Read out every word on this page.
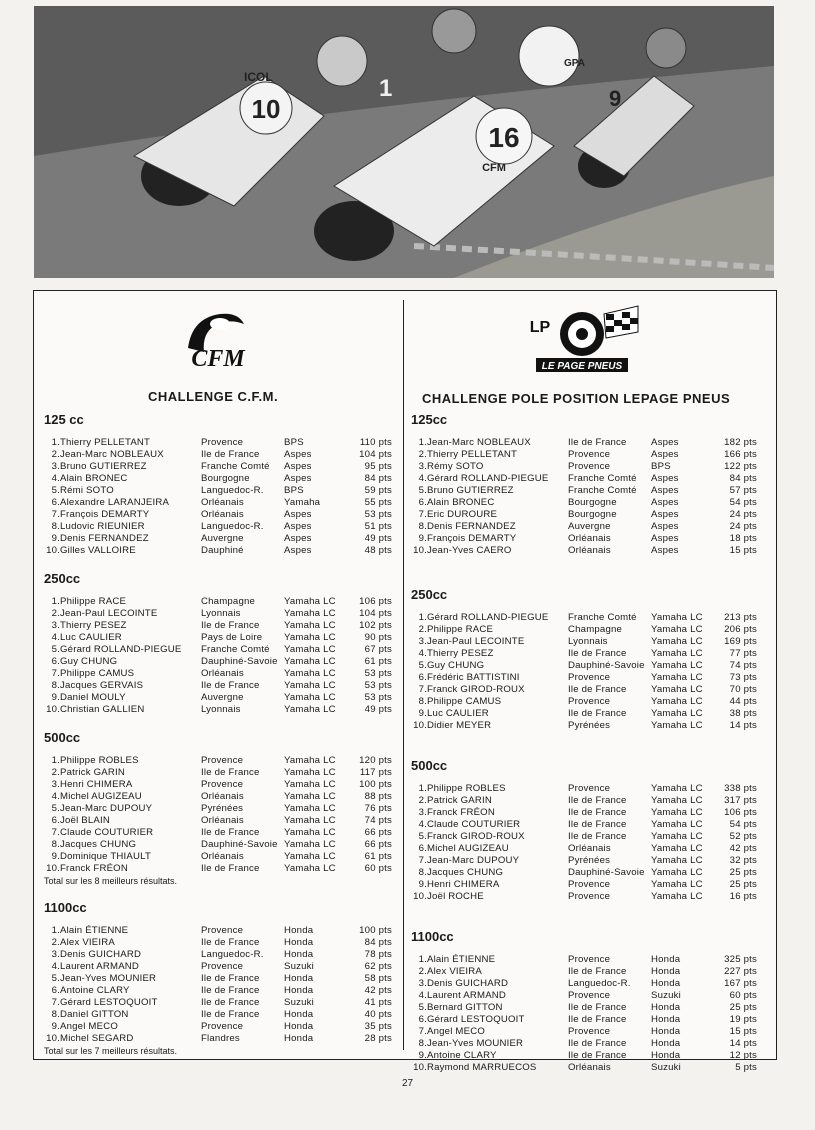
10
ICOL	1
16
CFM
GPA
9
CFM
LP
LE PAGE PNEUS
CHALLENGE C.F.M.	CHALLENGE POLE POSITION LEPAGE PNEUS
125 cc
1.	Thierry PELLETANT	Provence	BPS	110 pts
2.	Jean-Marc NOBLEAUX	Ile de France	Aspes	104 pts
3.	Bruno GUTIERREZ	Franche Comté	Aspes	95 pts
4.	Alain BRONEC	Bourgogne	Aspes	84 pts
5.	Rémi SOTO	Languedoc-R.	BPS	59 pts
6.	Alexandre LARANJEIRA	Orléanais	Yamaha	55 pts
7.	François DEMARTY	Orléanais	Aspes	53 pts
8.	Ludovic RIEUNIER	Languedoc-R.	Aspes	51 pts
9.	Denis FERNANDEZ	Auvergne	Aspes	49 pts
10.	Gilles VALLOIRE	Dauphiné	Aspes	48 pts
250cc
1.	Philippe RACE	Champagne	Yamaha LC	106 pts
2.	Jean-Paul LECOINTE	Lyonnais	Yamaha LC	104 pts
3.	Thierry PESEZ	Ile de France	Yamaha LC	102 pts
4.	Luc CAULIER	Pays de Loire	Yamaha LC	90 pts
5.	Gérard ROLLAND-PIEGUE	Franche Comté	Yamaha LC	67 pts
6.	Guy CHUNG	Dauphiné-Savoie	Yamaha LC	61 pts
7.	Philippe CAMUS	Orléanais	Yamaha LC	53 pts
8.	Jacques GERVAIS	Ile de France	Yamaha LC	53 pts
9.	Daniel MOULY	Auvergne	Yamaha LC	53 pts
10.	Christian GALLIEN	Lyonnais	Yamaha LC	49 pts
500cc
1.	Philippe ROBLES	Provence	Yamaha LC	120 pts
2.	Patrick GARIN	Ile de France	Yamaha LC	117 pts
3.	Henri CHIMERA	Provence	Yamaha LC	100 pts
4.	Michel AUGIZEAU	Orléanais	Yamaha LC	88 pts
5.	Jean-Marc DUPOUY	Pyrénées	Yamaha LC	76 pts
6.	Joël BLAIN	Orléanais	Yamaha LC	74 pts
7.	Claude COUTURIER	Ile de France	Yamaha LC	66 pts
8.	Jacques CHUNG	Dauphiné-Savoie	Yamaha LC	66 pts
9.	Dominique THIAULT	Orléanais	Yamaha LC	61 pts
10.	Franck FRÉON	Ile de France	Yamaha LC	60 pts
Total sur les 8 meilleurs résultats.
1100cc
1.	Alain ÉTIENNE	Provence	Honda	100 pts
2.	Alex VIEIRA	Ile de France	Honda	84 pts
3.	Denis GUICHARD	Languedoc-R.	Honda	78 pts
4.	Laurent ARMAND	Provence	Suzuki	62 pts
5.	Jean-Yves MOUNIER	Ile de France	Honda	58 pts
6.	Antoine CLARY	Ile de France	Honda	42 pts
7.	Gérard LESTOQUOIT	Ile de France	Suzuki	41 pts
8.	Daniel GITTON	Ile de France	Honda	40 pts
9.	Angel MECO	Provence	Honda	35 pts
10.	Michel SEGARD	Flandres	Honda	28 pts
Total sur les 7 meilleurs résultats.
125cc
1.	Jean-Marc NOBLEAUX	Ile de France	Aspes	182 pts
2.	Thierry PELLETANT	Provence	Aspes	166 pts
3.	Rémy SOTO	Provence	BPS	122 pts
4.	Gérard ROLLAND-PIEGUE	Franche Comté	Aspes	84 pts
5.	Bruno GUTIERREZ	Franche Comté	Aspes	57 pts
6.	Alain BRONEC	Bourgogne	Aspes	54 pts
7.	Eric DUROURE	Bourgogne	Aspes	24 pts
8.	Denis FERNANDEZ	Auvergne	Aspes	24 pts
9.	François DEMARTY	Orléanais	Aspes	18 pts
10.	Jean-Yves CAERO	Orléanais	Aspes	15 pts
250cc
1.	Gérard ROLLAND-PIEGUE	Franche Comté	Yamaha LC	213 pts
2.	Philippe RACE	Champagne	Yamaha LC	206 pts
3.	Jean-Paul LECOINTE	Lyonnais	Yamaha LC	169 pts
4.	Thierry PESEZ	Ile de France	Yamaha LC	77 pts
5.	Guy CHUNG	Dauphiné-Savoie	Yamaha LC	74 pts
6.	Frédéric BATTISTINI	Provence	Yamaha LC	73 pts
7.	Franck GIROD-ROUX	Ile de France	Yamaha LC	70 pts
8.	Philippe CAMUS	Provence	Yamaha LC	44 pts
9.	Luc CAULIER	Ile de France	Yamaha LC	38 pts
10.	Didier MEYER	Pyrénées	Yamaha LC	14 pts
500cc
1.	Philippe ROBLES	Provence	Yamaha LC	338 pts
2.	Patrick GARIN	Ile de France	Yamaha LC	317 pts
3.	Franck FRÉON	Ile de France	Yamaha LC	106 pts
4.	Claude COUTURIER	Ile de France	Yamaha LC	54 pts
5.	Franck GIROD-ROUX	Ile de France	Yamaha LC	52 pts
6.	Michel AUGIZEAU	Orléanais	Yamaha LC	42 pts
7.	Jean-Marc DUPOUY	Pyrénées	Yamaha LC	32 pts
8.	Jacques CHUNG	Dauphiné-Savoie	Yamaha LC	25 pts
9.	Henri CHIMERA	Provence	Yamaha LC	25 pts
10.	Joël ROCHE	Provence	Yamaha LC	16 pts
1100cc
1.	Alain ÉTIENNE	Provence	Honda	325 pts
2.	Alex VIEIRA	Ile de France	Honda	227 pts
3.	Denis GUICHARD	Languedoc-R.	Honda	167 pts
4.	Laurent ARMAND	Provence	Suzuki	60 pts
5.	Bernard GITTON	Ile de France	Honda	25 pts
6.	Gérard LESTOQUOIT	Ile de France	Honda	19 pts
7.	Angel MECO	Provence	Honda	15 pts
8.	Jean-Yves MOUNIER	Ile de France	Honda	14 pts
9.	Antoine CLARY	Ile de France	Honda	12 pts
10.	Raymond MARRUECOS	Orléanais	Suzuki	5 pts
27
